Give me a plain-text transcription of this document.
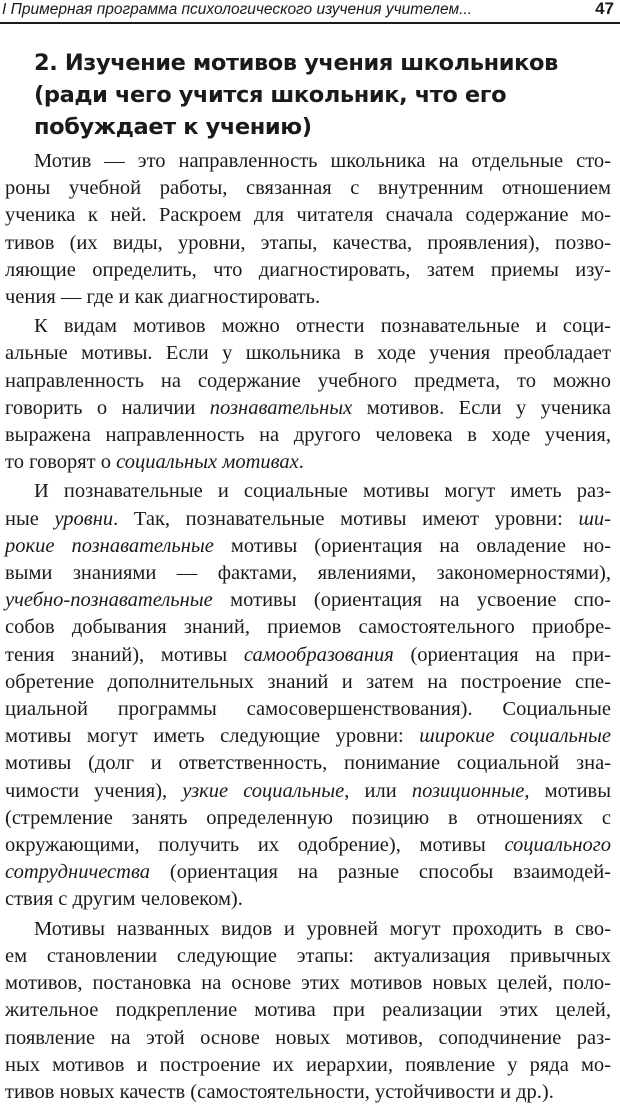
I Примерная программа психологического изучения учителем...	47
2. Изучение мотивов учения школьников
(ради чего учится школьник, что его
побуждает к учению)
Мотив — это направленность школьника на отдельные сто-
роны учебной работы, связанная с внутренним отношением
ученика к ней. Раскроем для читателя сначала содержание мо-
тивов (их виды, уровни, этапы, качества, проявления), позво-
ляющие определить, что диагностировать, затем приемы изу-
чения — где и как диагностировать.
К видам мотивов можно отнести познавательные и соци-
альные мотивы. Если у школьника в ходе учения преобладает
направленность на содержание учебного предмета, то можно
говорить о наличии познавательных мотивов. Если у ученика
выражена направленность на другого человека в ходе учения,
то говорят о социальных мотивах.
И познавательные и социальные мотивы могут иметь раз-
ные уровни. Так, познавательные мотивы имеют уровни: ши-
рокие познавательные мотивы (ориентация на овладение но-
выми знаниями — фактами, явлениями, закономерностями),
учебно-познавательные мотивы (ориентация на усвоение спо-
собов добывания знаний, приемов самостоятельного приобре-
тения знаний), мотивы самообразования (ориентация на при-
обретение дополнительных знаний и затем на построение спе-
циальной программы самосовершенствования). Социальные
мотивы могут иметь следующие уровни: широкие социальные
мотивы (долг и ответственность, понимание социальной зна-
чимости учения), узкие социальные, или позиционные, мотивы
(стремление занять определенную позицию в отношениях с
окружающими, получить их одобрение), мотивы социального
сотрудничества (ориентация на разные способы взаимодей-
ствия с другим человеком).
Мотивы названных видов и уровней могут проходить в сво-
ем становлении следующие этапы: актуализация привычных
мотивов, постановка на основе этих мотивов новых целей, поло-
жительное подкрепление мотива при реализации этих целей,
появление на этой основе новых мотивов, соподчинение раз-
ных мотивов и построение их иерархии, появление у ряда мо-
тивов новых качеств (самостоятельности, устойчивости и др.).
